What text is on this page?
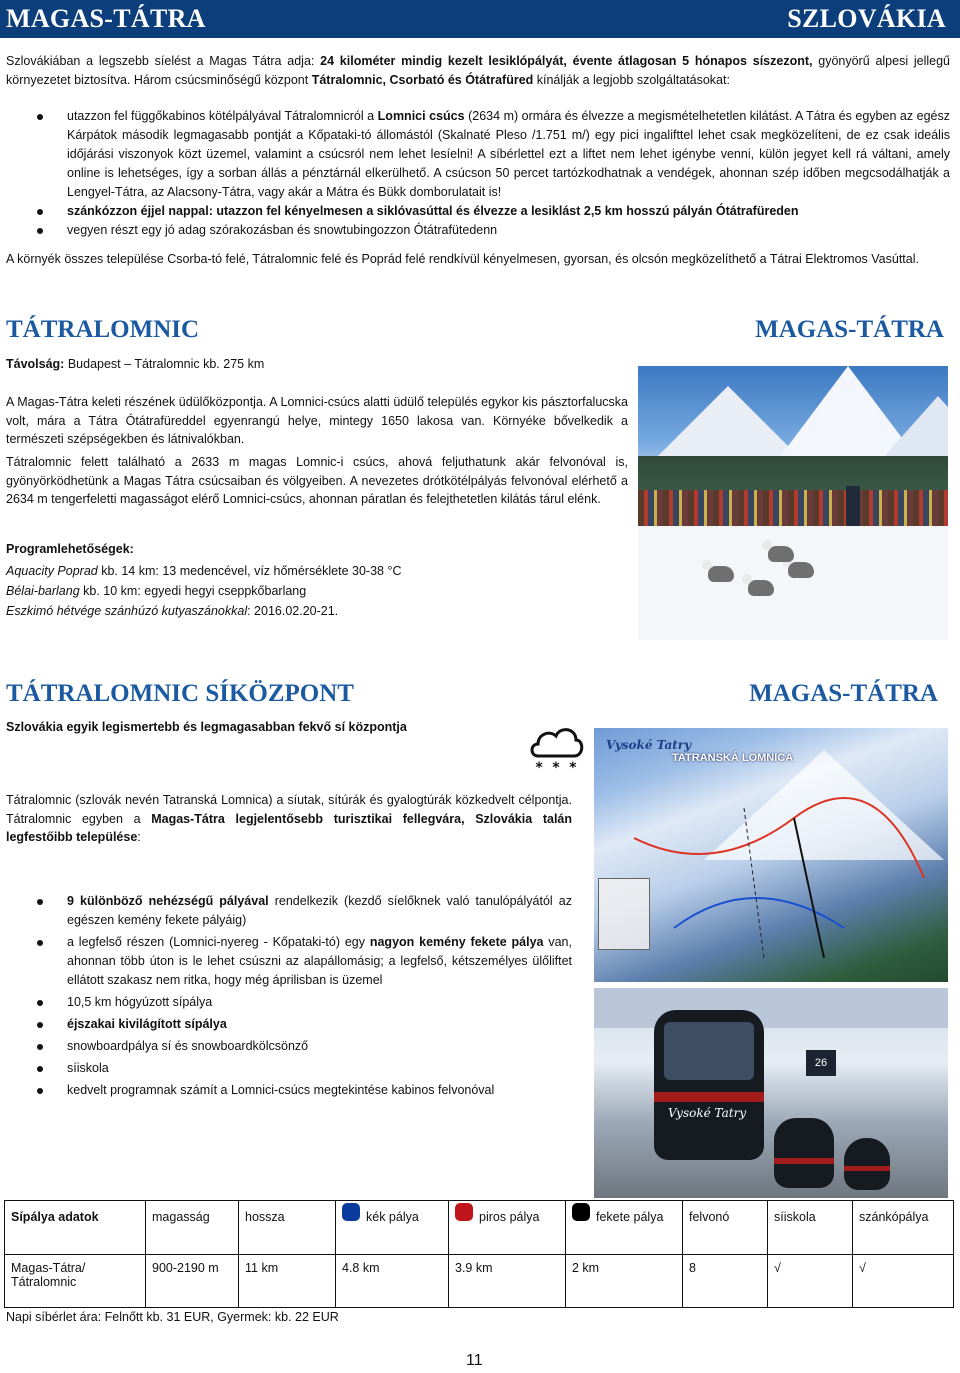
MAGAS-TÁTRA	SZLOVÁKIA
Szlovákiában a legszebb síelést a Magas Tátra adja: 24 kilométer mindig kezelt lesiklópályát, évente átlagosan 5 hónapos síszezont, gyönyörű alpesi jellegű környezetet biztosítva. Három csúcsminőségű központ Tátralomnic, Csorbató és Ótátrafüred kínálják a legjobb szolgáltatásokat:
utazzon fel függőkabinos kötélpályával Tátralomnicról a Lomnici csúcs (2634 m) ormára és élvezze a megismételhetetlen kilátást. A Tátra és egyben az egész Kárpátok második legmagasabb pontját a Kőpataki-tó állomástól (Skalnaté Pleso /1.751 m/) egy pici ingalifttel lehet csak megközelíteni, de ez csak ideális időjárási viszonyok közt üzemel, valamint a csúcsról nem lehet lesíelni! A síbérlettel ezt a liftet nem lehet igénybe venni, külön jegyet kell rá váltani, amely online is lehetséges, így a sorban állás a pénztárnál elkerülhető. A csúcson 50 percet tartózkodhatnak a vendégek, ahonnan szép időben megcsodálhatják a Lengyel-Tátra, az Alacsony-Tátra, vagy akár a Mátra és Bükk domborulatait is!
szánkózzon éjjel nappal: utazzon fel kényelmesen a siklóvasúttal és élvezze a lesiklást 2,5 km hosszú pályán Ótátrafüreden
vegyen részt egy jó adag szórakozásban és snowtubingozzon Ótátrafütedenn
A környék összes települése Csorba-tó felé, Tátralomnic felé és Poprád felé rendkívül kényelmesen, gyorsan, és olcsón megközelíthető a Tátrai Elektromos Vasúttal.
TÁTRALOMNIC	MAGAS-TÁTRA
Távolság: Budapest – Tátralomnic kb. 275 km
A Magas-Tátra keleti részének üdülőközpontja. A Lomnici-csúcs alatti üdülő település egykor kis pásztorfalucska volt, mára a Tátra Ótátrafüreddel egyenrangú helye, mintegy 1650 lakosa van. Környéke bővelkedik a természeti szépségekben és látnivalókban.
Tátralomnic felett található a 2633 m magas Lomnic-i csúcs, ahová feljuthatunk akár felvonóval is, gyönyörködhetünk a Magas Tátra csúcsaiban és völgyeiben. A nevezetes drótkötélpályás felvonóval elérhető a 2634 m tengerfeletti magasságot elérő Lomnici-csúcs, ahonnan páratlan és felejthetetlen kilátás tárul elénk.
Programlehetőségek:
Aquacity Poprad kb. 14 km: 13 medencével, víz hőmérséklete 30-38 °C
Bélai-barlang kb. 10 km: egyedi hegyi cseppkőbarlang
Eszkimó hétvége szánhúzó kutyaszánokkal: 2016.02.20-21.
TÁTRALOMNIC SÍKÖZPONT	MAGAS-TÁTRA
Szlovákia egyik legismertebb és legmagasabban fekvő sí központja
* * *
Tátralomnic (szlovák nevén Tatranská Lomnica) a síutak, sítúrák és gyalogtúrák közkedvelt célpontja. Tátralomnic egyben a Magas-Tátra legjelentősebb turisztikai fellegvára, Szlovákia talán legfestőibb települése:
Vysoké Tatry
TATRANSKÁ LOMNICA
Vysoké Tatry
26
9 különböző nehézségű pályával rendelkezik (kezdő síelőknek való tanulópályától az egészen kemény fekete pályáig)
a legfelső részen (Lomnici-nyereg - Kőpataki-tó) egy nagyon kemény fekete pálya van, ahonnan több úton is le lehet csúszni az alapállomásig; a legfelső, kétszemélyes ülőliftet ellátott szakasz nem ritka, hogy még áprilisban is üzemel
10,5 km hógyúzott sípálya
éjszakai kivilágított sípálya
snowboardpálya sí és snowboardkölcsönző
síiskola
kedvelt programnak számít a Lomnici-csúcs megtekintése kabinos felvonóval
Sípálya adatok	magasság	hossza	kék pálya	piros pálya	fekete pálya	felvonó	síiskola	szánkópálya
Magas-Tátra/ Tátralomnic	900-2190 m	11 km	4.8 km	3.9 km	2 km	8	√	√
Napi síbérlet ára: Felnőtt kb. 31 EUR, Gyermek: kb. 22 EUR
11
